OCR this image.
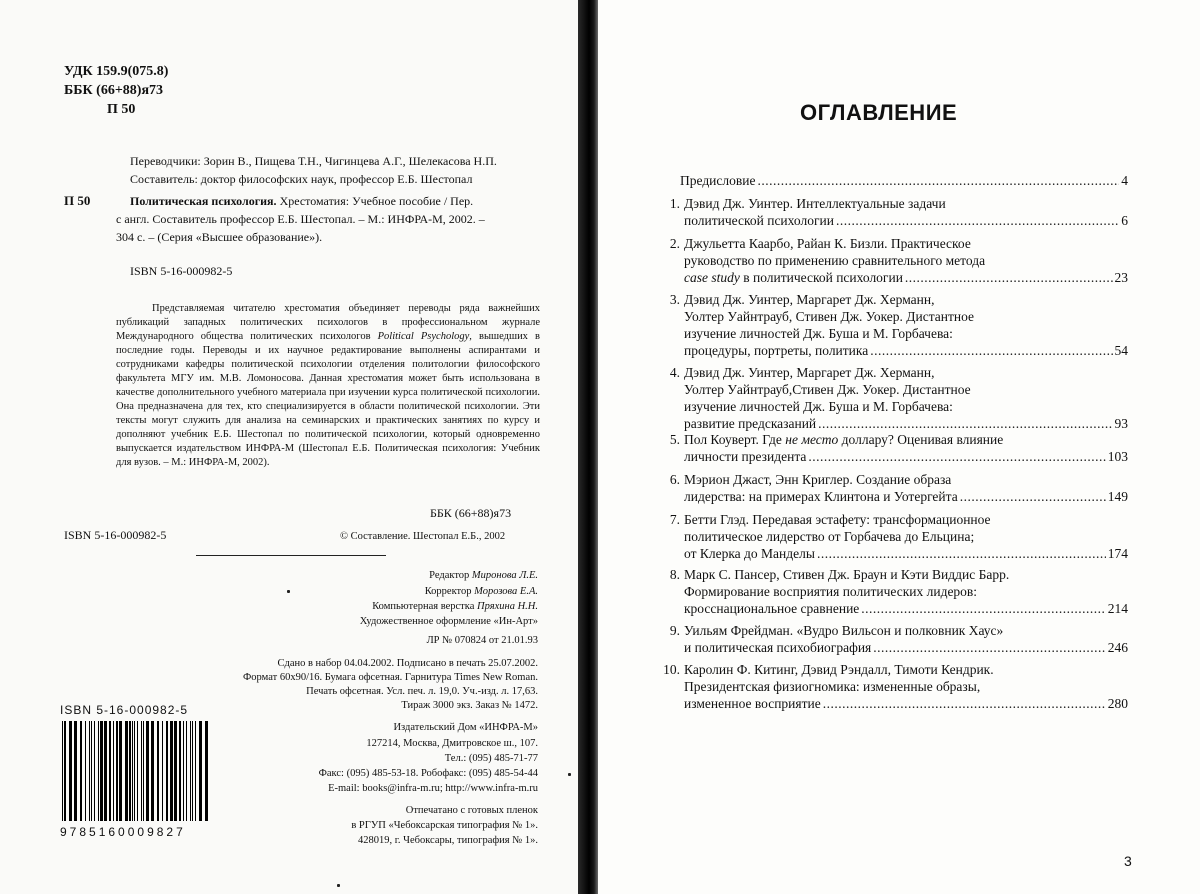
УДК 159.9(075.8)
ББК (66+88)я73
П 50
Переводчики: Зорин В., Пищева Т.Н., Чигинцева А.Г., Шелекасова Н.П.
Составитель: доктор философских наук, профессор Е.Б. Шестопал
П 50	Политическая психология. Хрестоматия: Учебное пособие / Пер.
с англ. Составитель профессор Е.Б. Шестопал. – М.: ИНФРА-М, 2002. –
304 с. – (Серия «Высшее образование»).
ISBN 5-16-000982-5
Представляемая читателю хрестоматия объединяет переводы ряда важнейших публикаций западных политических психологов в профессиональном журнале Международного общества политических психологов Political Psychology, вышедших в последние годы. Переводы и их научное редактирование выполнены аспирантами и сотрудниками кафедры политической психологии отделения политологии философского факультета МГУ им. М.В. Ломоносова. Данная хрестоматия может быть использована в качестве дополнительного учебного материала при изучении курса политической психологии. Она предназначена для тех, кто специализируется в области политической психологии. Эти тексты могут служить для анализа на семинарских и практических занятиях по курсу и дополняют учебник Е.Б. Шестопал по политической психологии, который одновременно выпускается издательством ИНФРА-М (Шестопал Е.Б. Политическая психология: Учебник для вузов. – М.: ИНФРА-М, 2002).
ББК (66+88)я73
ISBN 5-16-000982-5	© Составление. Шестопал Е.Б., 2002
Редактор Миронова Л.Е.
Корректор Морозова Е.А.
Компьютерная верстка Пряхина Н.Н.
Художественное оформление «Ин-Арт»
ЛР № 070824 от 21.01.93
Сдано в набор 04.04.2002. Подписано в печать 25.07.2002.
Формат 60х90/16. Бумага офсетная. Гарнитура Times New Roman.
Печать офсетная. Усл. печ. л. 19,0. Уч.-изд. л. 17,63.
Тираж 3000 экз. Заказ № 1472.
ISBN 5-16-000982-5
9785160009827
Издательский Дом «ИНФРА-М»
127214, Москва, Дмитровское ш., 107.
Тел.: (095) 485-71-77
Факс: (095) 485-53-18. Робофакс: (095) 485-54-44
E-mail: books@infra-m.ru; http://www.infra-m.ru
Отпечатано с готовых пленок
в РГУП «Чебоксарская типография № 1».
428019, г. Чебоксары, типография № 1».
ОГЛАВЛЕНИЕ
Предисловие
.....	4
1. Дэвид Дж. Уинтер. Интеллектуальные задачи
политической психологии
.....	6
2. Джульетта Каарбо, Райан К. Бизли. Практическое
руководство по применению сравнительного метода
case study в политической психологии
.....	23
3. Дэвид Дж. Уинтер, Маргарет Дж. Херманн,
Уолтер Уайнтрауб, Стивен Дж. Уокер. Дистантное
изучение личностей Дж. Буша и М. Горбачева:
процедуры, портреты, политика
.....	54
4. Дэвид Дж. Уинтер, Маргарет Дж. Херманн,
Уолтер Уайнтрауб,Стивен Дж. Уокер. Дистантное
изучение личностей Дж. Буша и М. Горбачева:
развитие предсказаний
.....	93
5. Пол Коуверт. Где не место доллару? Оценивая влияние
личности президента
.....	103
6. Мэрион Джаст, Энн Криглер. Создание образа
лидерства: на примерах Клинтона и Уотергейта
.....	149
7. Бетти Глэд. Передавая эстафету: трансформационное
политическое лидерство от Горбачева до Ельцина;
от Клерка до Манделы
.....	174
8. Марк С. Пансер, Стивен Дж. Браун и Кэти Виддис Барр.
Формирование восприятия политических лидеров:
кросснациональное сравнение
.....	214
9. Уильям Фрейдман. «Вудро Вильсон и полковник Хаус»
и политическая психобиография
.....	246
10. Каролин Ф. Китинг, Дэвид Рэндалл, Тимоти Кендрик.
Президентская физиогномика: измененные образы,
измененное восприятие
.....	280
3
